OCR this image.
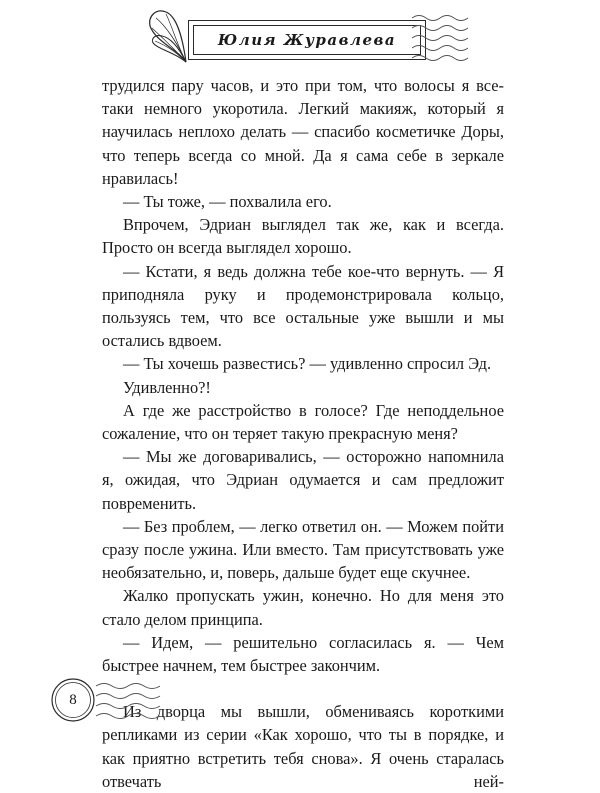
Юлия Журавлева

трудился пару часов, и это при том, что волосы я все-таки немного укоротила. Легкий макияж, который я научилась неплохо делать — спасибо косметичке Доры, что теперь всегда со мной. Да я сама себе в зеркале нравилась!

— Ты тоже, — похвалила его.

Впрочем, Эдриан выглядел так же, как и всегда. Просто он всегда выглядел хорошо.

— Кстати, я ведь должна тебе кое-что вернуть. — Я приподняла руку и продемонстрировала кольцо, пользуясь тем, что все остальные уже вышли и мы остались вдвоем.

— Ты хочешь развестись? — удивленно спросил Эд.

Удивленно?!

А где же расстройство в голосе? Где неподдельное сожаление, что он теряет такую прекрасную меня?

— Мы же договаривались, — осторожно напомнила я, ожидая, что Эдриан одумается и сам предложит повременить.

— Без проблем, — легко ответил он. — Можем пойти сразу после ужина. Или вместо. Там присутствовать уже необязательно, и, поверь, дальше будет еще скучнее.

Жалко пропускать ужин, конечно. Но для меня это стало делом принципа.

— Идем, — решительно согласилась я. — Чем быстрее начнем, тем быстрее закончим.

Из дворца мы вышли, обмениваясь короткими репликами из серии «Как хорошо, что ты в порядке, и как приятно встретить тебя снова». Я очень старалась отвечать ней-

8
